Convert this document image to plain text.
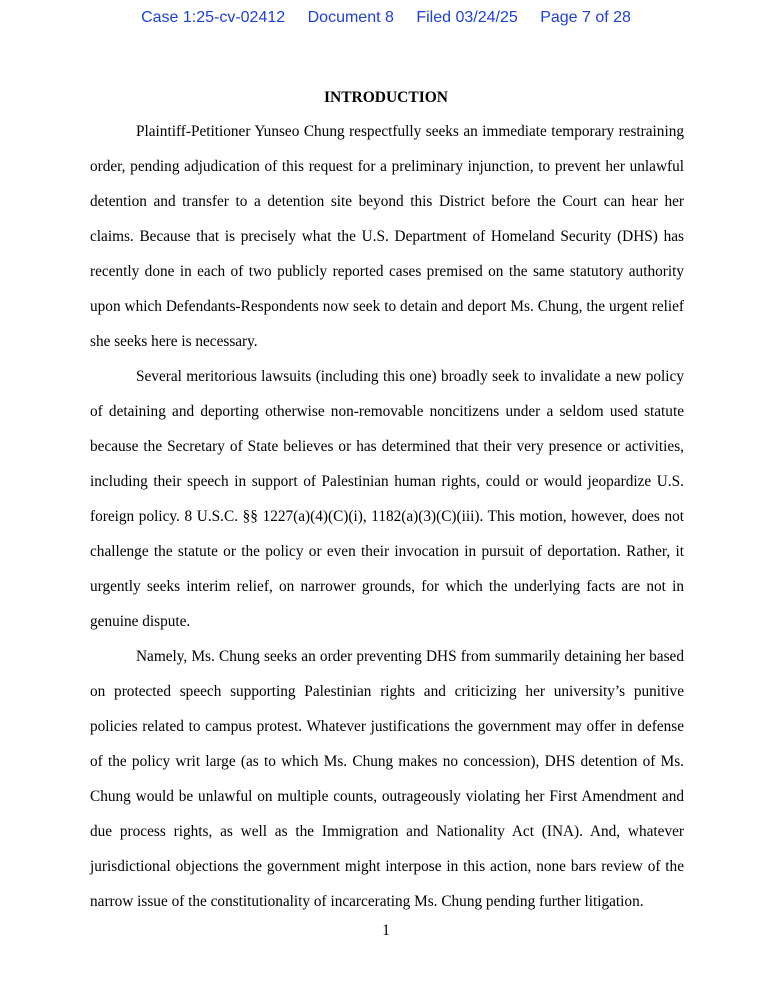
Case 1:25-cv-02412 Document 8 Filed 03/24/25 Page 7 of 28
INTRODUCTION

Plaintiff-Petitioner Yunseo Chung respectfully seeks an immediate temporary restraining order, pending adjudication of this request for a preliminary injunction, to prevent her unlawful detention and transfer to a detention site beyond this District before the Court can hear her claims. Because that is precisely what the U.S. Department of Homeland Security (DHS) has recently done in each of two publicly reported cases premised on the same statutory authority upon which Defendants-Respondents now seek to detain and deport Ms. Chung, the urgent relief she seeks here is necessary.

Several meritorious lawsuits (including this one) broadly seek to invalidate a new policy of detaining and deporting otherwise non-removable noncitizens under a seldom used statute because the Secretary of State believes or has determined that their very presence or activities, including their speech in support of Palestinian human rights, could or would jeopardize U.S. foreign policy. 8 U.S.C. §§ 1227(a)(4)(C)(i), 1182(a)(3)(C)(iii). This motion, however, does not challenge the statute or the policy or even their invocation in pursuit of deportation. Rather, it urgently seeks interim relief, on narrower grounds, for which the underlying facts are not in genuine dispute.

Namely, Ms. Chung seeks an order preventing DHS from summarily detaining her based on protected speech supporting Palestinian rights and criticizing her university’s punitive policies related to campus protest. Whatever justifications the government may offer in defense of the policy writ large (as to which Ms. Chung makes no concession), DHS detention of Ms. Chung would be unlawful on multiple counts, outrageously violating her First Amendment and due process rights, as well as the Immigration and Nationality Act (INA). And, whatever jurisdictional objections the government might interpose in this action, none bars review of the narrow issue of the constitutionality of incarcerating Ms. Chung pending further litigation.

1
